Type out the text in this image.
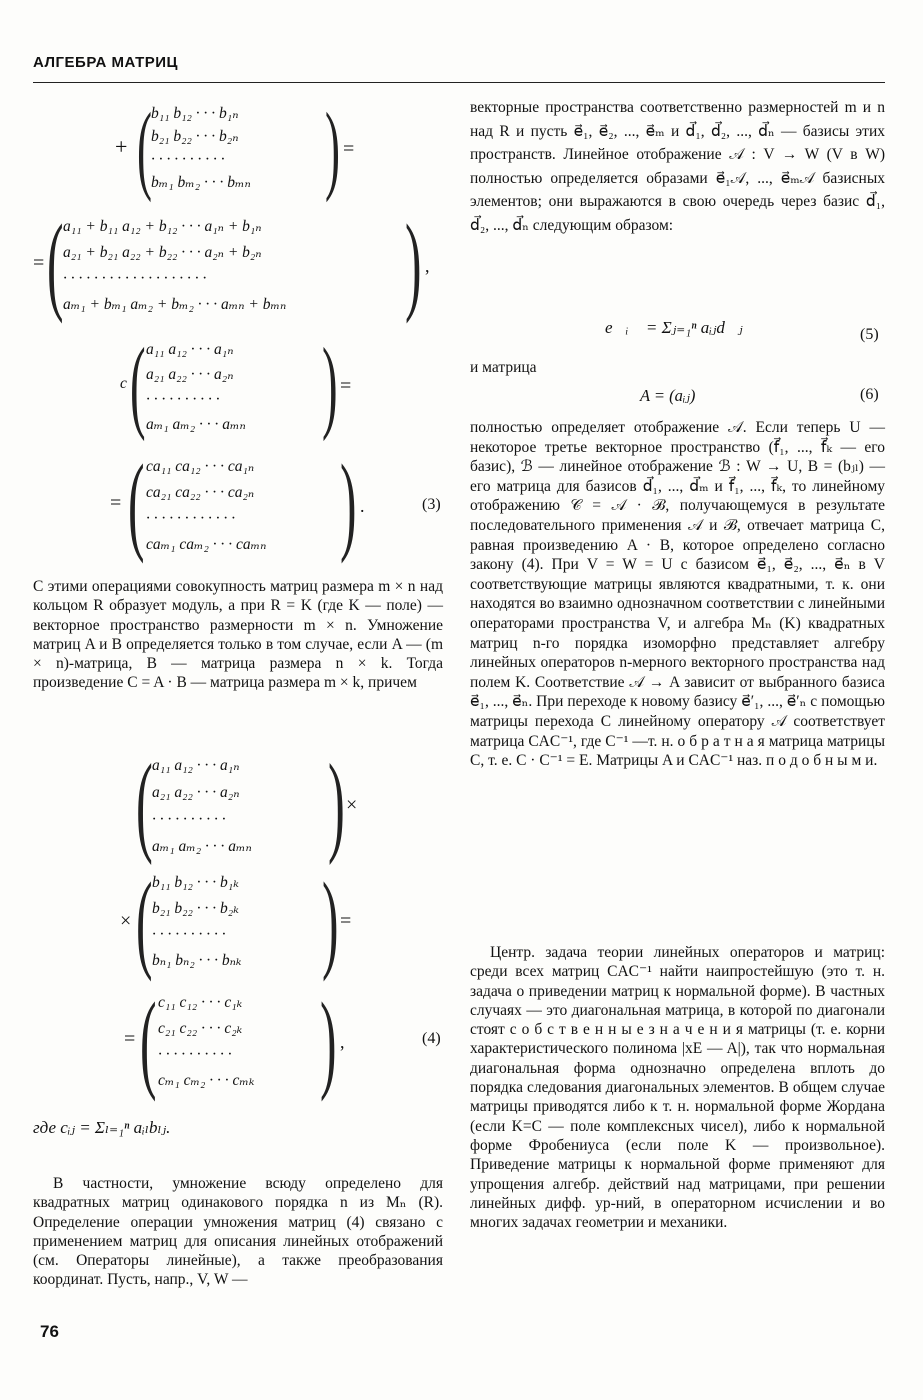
АЛГЕБРА МАТРИЦ
+ ( b₁₁ b₁₂ · · · b₁ₙ
b₂₁ b₂₂ · · · b₂ₙ
· · · · · · · · · ·
bₘ₁ bₘ₂ · · · bₘₙ ) =
= ( a₁₁ + b₁₁ a₁₂ + b₁₂ · · · a₁ₙ + b₁ₙ
a₂₁ + b₂₁ a₂₂ + b₂₂ · · · a₂ₙ + b₂ₙ
· · · · · · · · · · · · · · · · · · ·
aₘ₁ + bₘ₁ aₘ₂ + bₘ₂ · · · aₘₙ + bₘₙ ) ,
c ( a₁₁ a₁₂ · · · a₁ₙ
a₂₁ a₂₂ · · · a₂ₙ
· · · · · · · · · ·
aₘ₁ aₘ₂ · · · aₘₙ ) =
= ( ca₁₁ ca₁₂ · · · ca₁ₙ
ca₂₁ ca₂₂ · · · ca₂ₙ
· · · · · · · · · · · ·
caₘ₁ caₘ₂ · · · caₘₙ ) .	(3)
С этими операциями совокупность матриц размера m × n над кольцом R образует модуль, а при R = K (где K — поле) — векторное пространство размерности m × n. Умножение матриц A и B определяется только в том случае, если A — (m × n)-матрица, B — матрица размера n × k. Тогда произведение C = A · B — матрица размера m × k, причем
( a₁₁ a₁₂ · · · a₁ₙ
a₂₁ a₂₂ · · · a₂ₙ
· · · · · · · · · ·
aₘ₁ aₘ₂ · · · aₘₙ ) ×
× ( b₁₁ b₁₂ · · · b₁ₖ
b₂₁ b₂₂ · · · b₂ₖ
· · · · · · · · · ·
bₙ₁ bₙ₂ · · · bₙₖ ) =
= ( c₁₁ c₁₂ · · · c₁ₖ
c₂₁ c₂₂ · · · c₂ₖ
· · · · · · · · · ·
cₘ₁ cₘ₂ · · · cₘₖ ) ,	(4)
где cᵢⱼ = Σₗ₌₁ⁿ aᵢₗbₗⱼ.
В частности, умножение всюду определено для квадратных матриц одинакового порядка n из Mₙ (R). Определение операции умножения матриц (4) связано с применением матриц для описания линейных отображений (см. Операторы линейные), а также преобразования координат. Пусть, напр., V, W —
векторные пространства соответственно размерностей m и n над R и пусть e⃗₁, e⃗₂, ..., e⃗ₘ и d⃗₁, d⃗₂, ..., d⃗ₙ — базисы этих пространств. Линейное отображение 𝒜 : V → W (V в W) полностью определяется образами e⃗₁𝒜, ..., e⃗ₘ𝒜 базисных элементов; они выражаются в свою очередь через базис d⃗₁, d⃗₂, ..., d⃗ₙ следующим образом:
e⃗ᵢ𝒜 = Σⱼ₌₁ⁿ aᵢⱼd⃗ⱼ	(5)
и матрица
A = (aᵢⱼ)	(6)
полностью определяет отображение 𝒜. Если теперь U — некоторое третье векторное пространство (f⃗₁, ..., f⃗ₖ — его базис), ℬ — линейное отображение ℬ : W → U, B = (bⱼₗ) — его матрица для базисов d⃗₁, ..., d⃗ₘ и f⃗₁, ..., f⃗ₖ, то линейному отображению 𝒞 = 𝒜 · ℬ, получающемуся в результате последовательного применения 𝒜 и ℬ, отвечает матрица C, равная произведению A · B, которое определено согласно закону (4). При V = W = U с базисом e⃗₁, e⃗₂, ..., e⃗ₙ в V соответствующие матрицы являются квадратными, т. к. они находятся во взаимно однозначном соответствии с линейными операторами пространства V, и алгебра Mₙ (K) квадратных матриц n-го порядка изоморфно представляет алгебру линейных операторов n-мерного векторного пространства над полем K. Соответствие 𝒜 → A зависит от выбранного базиса e⃗₁, ..., e⃗ₙ. При переходе к новому базису e⃗′₁, ..., e⃗′ₙ с помощью матрицы перехода C линейному оператору 𝒜 соответствует матрица CAC⁻¹, где C⁻¹ —т. н. о б р а т н а я матрица матрицы C, т. е. C · C⁻¹ = E. Матрицы A и CAC⁻¹ наз. п о д о б н ы м и.
Центр. задача теории линейных операторов и матриц: среди всех матриц CAC⁻¹ найти наипростейшую (это т. н. задача о приведении матриц к нормальной форме). В частных случаях — это диагональная матрица, в которой по диагонали стоят с о б с т в е н н ы е з н а ч е н и я матрицы (т. е. корни характеристического полинома |xE — A|), так что нормальная диагональная форма однозначно определена вплоть до порядка следования диагональных элементов. В общем случае матрицы приводятся либо к т. н. нормальной форме Жордана (если K=C — поле комплексных чисел), либо к нормальной форме Фробениуса (если поле K — произвольное). Приведение матрицы к нормальной форме применяют для упрощения алгебр. действий над матрицами, при решении линейных дифф. ур-ний, в операторном исчислении и во многих задачах геометрии и механики.
76
